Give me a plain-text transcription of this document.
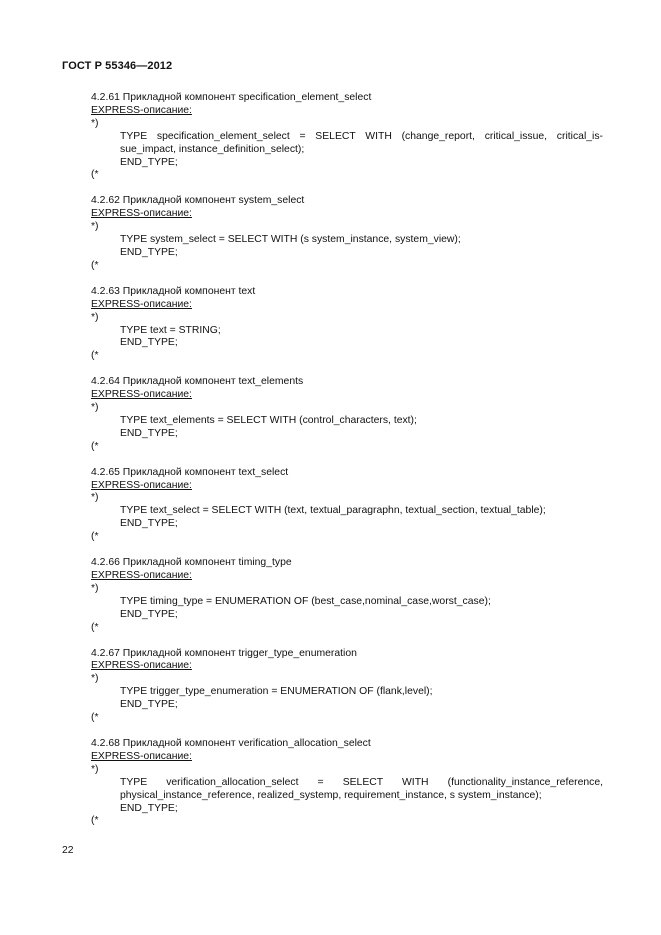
ГОСТ Р 55346—2012
4.2.61 Прикладной компонент specification_element_select
EXPRESS-описание:
*)
TYPE specification_element_select = SELECT WITH (change_report, critical_issue, critical_is-sue_impact, instance_definition_select);
END_TYPE;
(*
4.2.62 Прикладной компонент system_select
EXPRESS-описание:
*)
TYPE system_select = SELECT WITH (s system_instance, system_view);
END_TYPE;
(*
4.2.63 Прикладной компонент text
EXPRESS-описание:
*)
TYPE text = STRING;
END_TYPE;
(*
4.2.64 Прикладной компонент text_elements
EXPRESS-описание:
*)
TYPE text_elements = SELECT WITH (control_characters, text);
END_TYPE;
(*
4.2.65 Прикладной компонент text_select
EXPRESS-описание:
*)
TYPE text_select = SELECT WITH (text, textual_paragraphn, textual_section, textual_table);
END_TYPE;
(*
4.2.66 Прикладной компонент timing_type
EXPRESS-описание:
*)
TYPE timing_type = ENUMERATION OF (best_case,nominal_case,worst_case);
END_TYPE;
(*
4.2.67 Прикладной компонент trigger_type_enumeration
EXPRESS-описание:
*)
TYPE trigger_type_enumeration = ENUMERATION OF (flank,level);
END_TYPE;
(*
4.2.68 Прикладной компонент verification_allocation_select
EXPRESS-описание:
*)
TYPE verification_allocation_select = SELECT WITH (functionality_instance_reference, physical_instance_reference, realized_systemp, requirement_instance, s system_instance);
END_TYPE;
(*
22
